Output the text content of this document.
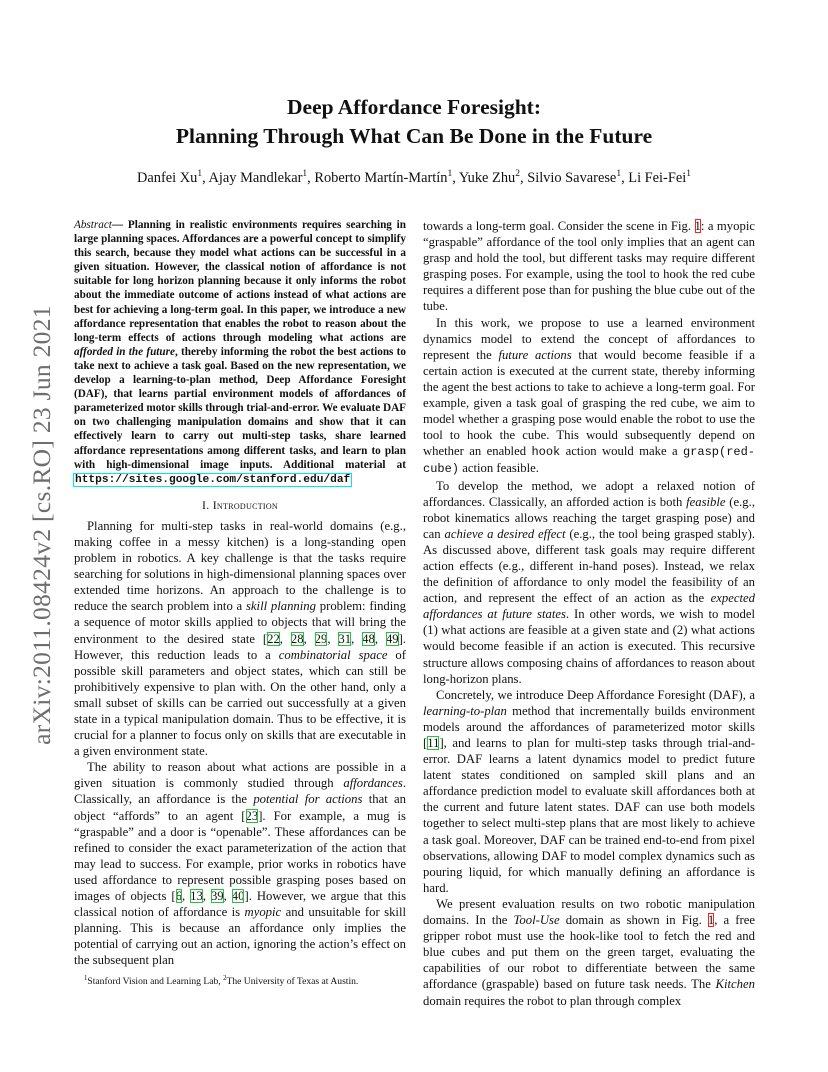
arXiv:2011.08424v2 [cs.RO] 23 Jun 2021
Deep Affordance Foresight:
Planning Through What Can Be Done in the Future
Danfei Xu$^1$, Ajay Mandlekar$^1$, Roberto Martín-Martín$^1$, Yuke Zhu$^2$, Silvio Savarese$^1$, Li Fei-Fei$^1$
Abstract— Planning in realistic environments requires searching in large planning spaces. Affordances are a powerful concept to simplify this search, because they model what actions can be successful in a given situation. However, the classical notion of affordance is not suitable for long horizon planning because it only informs the robot about the immediate outcome of actions instead of what actions are best for achieving a long-term goal. In this paper, we introduce a new affordance representation that enables the robot to reason about the long-term effects of actions through modeling what actions are afforded in the future, thereby informing the robot the best actions to take next to achieve a task goal. Based on the new representation, we develop a learning-to-plan method, Deep Affordance Foresight (DAF), that learns partial environment models of affordances of parameterized motor skills through trial-and-error. We evaluate DAF on two challenging manipulation domains and show that it can effectively learn to carry out multi-step tasks, share learned affordance representations among different tasks, and learn to plan with high-dimensional image inputs. Additional material at https://sites.google.com/stanford.edu/daf
I. Introduction

Planning for multi-step tasks in real-world domains (e.g., making coffee in a messy kitchen) is a long-standing open problem in robotics. A key challenge is that the tasks require searching for solutions in high-dimensional planning spaces over extended time horizons. An approach to the challenge is to reduce the search problem into a skill planning problem: finding a sequence of motor skills applied to objects that will bring the environment to the desired state [22, 28, 29, 31, 48, 49]. However, this reduction leads to a combinatorial space of possible skill parameters and object states, which can still be prohibitively expensive to plan with. On the other hand, only a small subset of skills can be carried out successfully at a given state in a typical manipulation domain. Thus to be effective, it is crucial for a planner to focus only on skills that are executable in a given environment state.

The ability to reason about what actions are possible in a given situation is commonly studied through affordances. Classically, an affordance is the potential for actions that an object “affords” to an agent [23]. For example, a mug is “graspable” and a door is “openable”. These affordances can be refined to consider the exact parameterization of the action that may lead to success. For example, prior works in robotics have used affordance to represent possible grasping poses based on images of objects [6, 13, 39, 40]. However, we argue that this classical notion of affordance is myopic and unsuitable for skill planning. This is because an affordance only implies the potential of carrying out an action, ignoring the action’s effect on the subsequent plan

towards a long-term goal. Consider the scene in Fig. 1: a myopic “graspable” affordance of the tool only implies that an agent can grasp and hold the tool, but different tasks may require different grasping poses. For example, using the tool to hook the red cube requires a different pose than for pushing the blue cube out of the tube.

In this work, we propose to use a learned environment dynamics model to extend the concept of affordances to represent the future actions that would become feasible if a certain action is executed at the current state, thereby informing the agent the best actions to take to achieve a long-term goal. For example, given a task goal of grasping the red cube, we aim to model whether a grasping pose would enable the robot to use the tool to hook the cube. This would subsequently depend on whether an enabled hook action would make a grasp(red-cube) action feasible.

To develop the method, we adopt a relaxed notion of affordances. Classically, an afforded action is both feasible (e.g., robot kinematics allows reaching the target grasping pose) and can achieve a desired effect (e.g., the tool being grasped stably). As discussed above, different task goals may require different action effects (e.g., different in-hand poses). Instead, we relax the definition of affordance to only model the feasibility of an action, and represent the effect of an action as the expected affordances at future states. In other words, we wish to model (1) what actions are feasible at a given state and (2) what actions would become feasible if an action is executed. This recursive structure allows composing chains of affordances to reason about long-horizon plans.

Concretely, we introduce Deep Affordance Foresight (DAF), a learning-to-plan method that incrementally builds environment models around the affordances of parameterized motor skills [11], and learns to plan for multi-step tasks through trial-and-error. DAF learns a latent dynamics model to predict future latent states conditioned on sampled skill plans and an affordance prediction model to evaluate skill affordances both at the current and future latent states. DAF can use both models together to select multi-step plans that are most likely to achieve a task goal. Moreover, DAF can be trained end-to-end from pixel observations, allowing DAF to model complex dynamics such as pouring liquid, for which manually defining an affordance is hard.

We present evaluation results on two robotic manipulation domains. In the Tool-Use domain as shown in Fig. 1, a free gripper robot must use the hook-like tool to fetch the red and blue cubes and put them on the green target, evaluating the capabilities of our robot to differentiate between the same affordance (graspable) based on future task needs. The Kitchen domain requires the robot to plan through complex

$^1$Stanford Vision and Learning Lab, $^2$The University of Texas at Austin.
